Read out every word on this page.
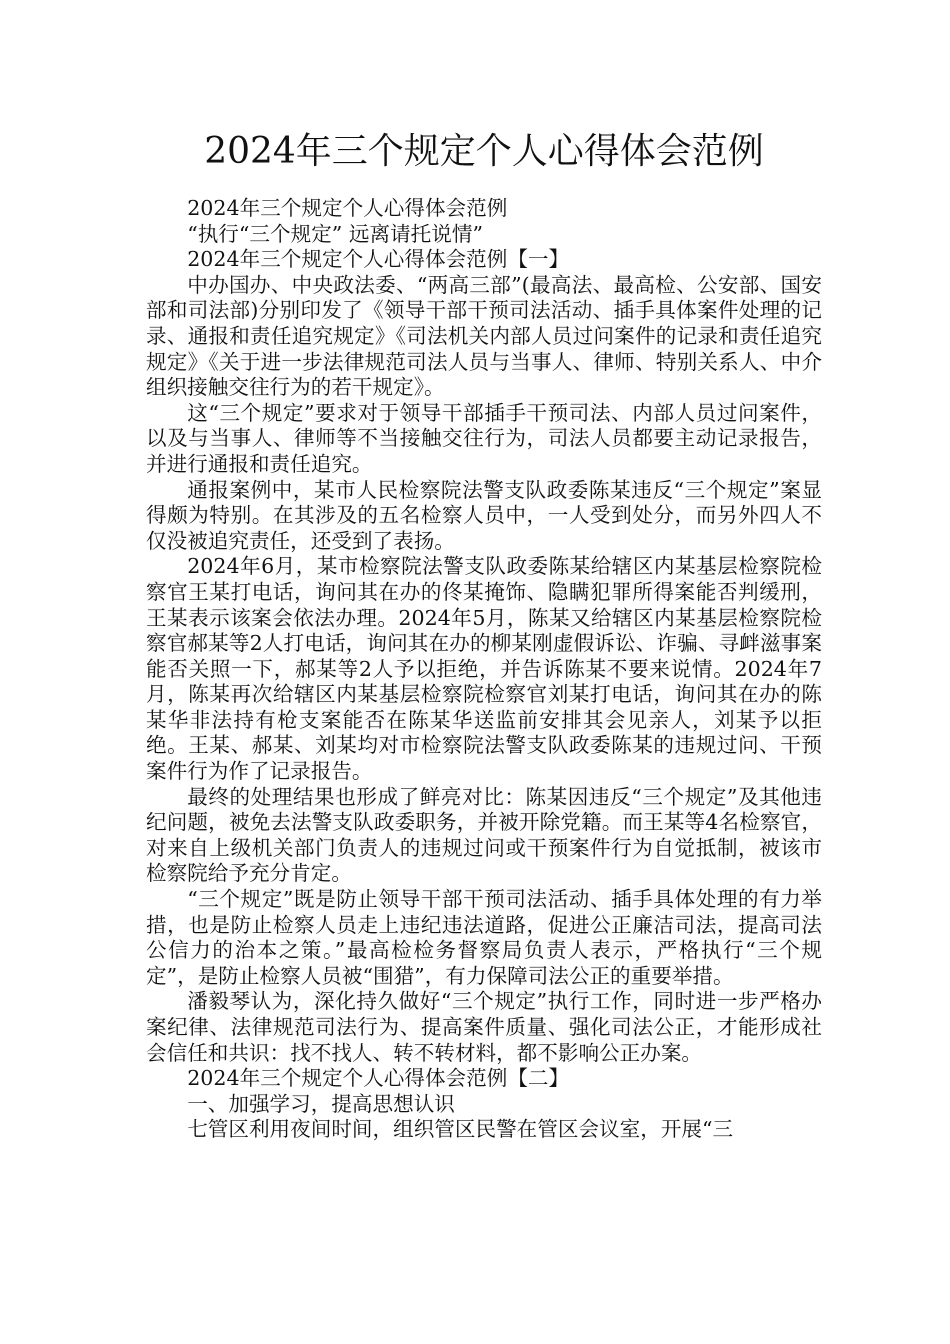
2024年三个规定个人心得体会范例

2024年三个规定个人心得体会范例

“执行“三个规定” 远离请托说情”

2024年三个规定个人心得体会范例【一】

中办国办、中央政法委、“两高三部”(最高法、最高检、公安部、国安部和司法部)分别印发了《领导干部干预司法活动、插手具体案件处理的记录、通报和责任追究规定》《司法机关内部人员过问案件的记录和责任追究规定》《关于进一步法律规范司法人员与当事人、律师、特别关系人、中介组织接触交往行为的若干规定》。

这“三个规定”要求对于领导干部插手干预司法、内部人员过问案件，以及与当事人、律师等不当接触交往行为，司法人员都要主动记录报告，并进行通报和责任追究。

通报案例中，某市人民检察院法警支队政委陈某违反“三个规定”案显得颇为特别。在其涉及的五名检察人员中，一人受到处分，而另外四人不仅没被追究责任，还受到了表扬。

2024年6月，某市检察院法警支队政委陈某给辖区内某基层检察院检察官王某打电话，询问其在办的佟某掩饰、隐瞒犯罪所得案能否判缓刑，王某表示该案会依法办理。2024年5月，陈某又给辖区内某基层检察院检察官郝某等2人打电话，询问其在办的柳某刚虚假诉讼、诈骗、寻衅滋事案能否关照一下，郝某等2人予以拒绝，并告诉陈某不要来说情。2024年7月，陈某再次给辖区内某基层检察院检察官刘某打电话，询问其在办的陈某华非法持有枪支案能否在陈某华送监前安排其会见亲人，刘某予以拒绝。王某、郝某、刘某均对市检察院法警支队政委陈某的违规过问、干预案件行为作了记录报告。

最终的处理结果也形成了鲜亮对比：陈某因违反“三个规定”及其他违纪问题，被免去法警支队政委职务，并被开除党籍。而王某等4名检察官，对来自上级机关部门负责人的违规过问或干预案件行为自觉抵制，被该市检察院给予充分肯定。

“三个规定”既是防止领导干部干预司法活动、插手具体处理的有力举措，也是防止检察人员走上违纪违法道路，促进公正廉洁司法，提高司法公信力的治本之策。”最高检检务督察局负责人表示，严格执行“三个规定”，是防止检察人员被“围猎”，有力保障司法公正的重要举措。

潘毅琴认为，深化持久做好“三个规定”执行工作，同时进一步严格办案纪律、法律规范司法行为、提高案件质量、强化司法公正，才能形成社会信任和共识：找不找人、转不转材料，都不影响公正办案。

2024年三个规定个人心得体会范例【二】

一、加强学习，提高思想认识

七管区利用夜间时间，组织管区民警在管区会议室，开展“三
